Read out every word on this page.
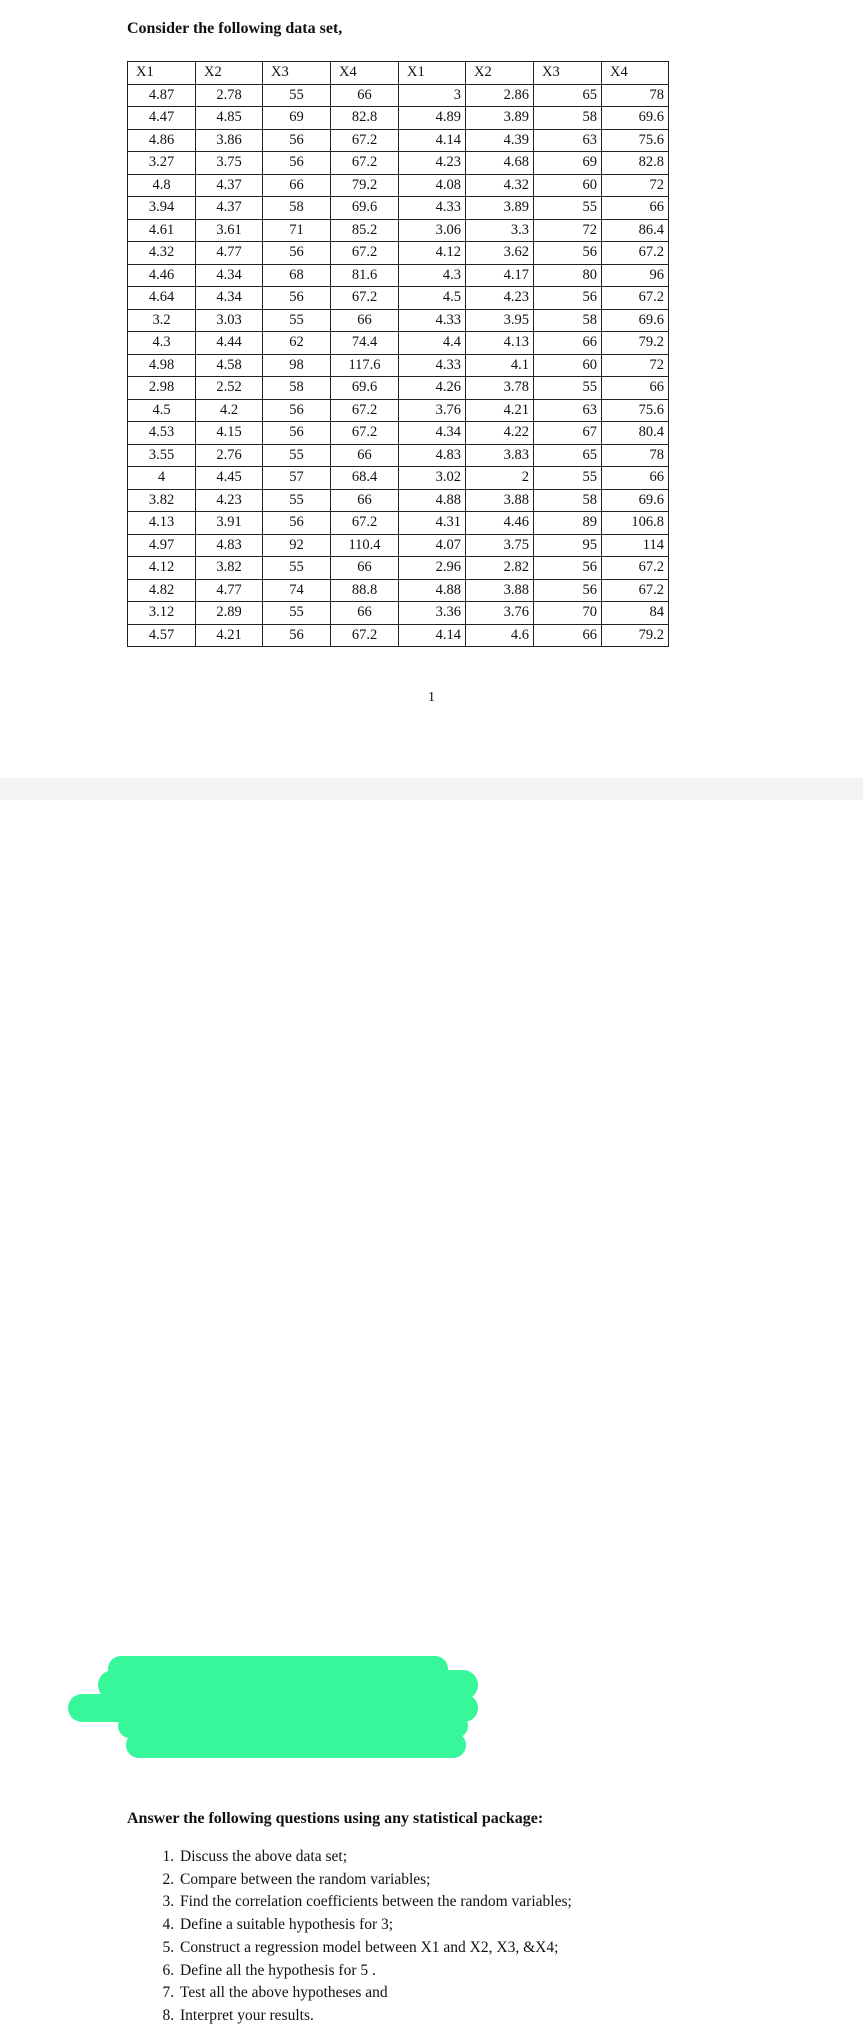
Consider the following data set,
X1	X2	X3	X4	X1	X2	X3	X4
4.87	2.78	55	66	3	2.86	65	78
4.47	4.85	69	82.8	4.89	3.89	58	69.6
4.86	3.86	56	67.2	4.14	4.39	63	75.6
3.27	3.75	56	67.2	4.23	4.68	69	82.8
4.8	4.37	66	79.2	4.08	4.32	60	72
3.94	4.37	58	69.6	4.33	3.89	55	66
4.61	3.61	71	85.2	3.06	3.3	72	86.4
4.32	4.77	56	67.2	4.12	3.62	56	67.2
4.46	4.34	68	81.6	4.3	4.17	80	96
4.64	4.34	56	67.2	4.5	4.23	56	67.2
3.2	3.03	55	66	4.33	3.95	58	69.6
4.3	4.44	62	74.4	4.4	4.13	66	79.2
4.98	4.58	98	117.6	4.33	4.1	60	72
2.98	2.52	58	69.6	4.26	3.78	55	66
4.5	4.2	56	67.2	3.76	4.21	63	75.6
4.53	4.15	56	67.2	4.34	4.22	67	80.4
3.55	2.76	55	66	4.83	3.83	65	78
4	4.45	57	68.4	3.02	2	55	66
3.82	4.23	55	66	4.88	3.88	58	69.6
4.13	3.91	56	67.2	4.31	4.46	89	106.8
4.97	4.83	92	110.4	4.07	3.75	95	114
4.12	3.82	55	66	2.96	2.82	56	67.2
4.82	4.77	74	88.8	4.88	3.88	56	67.2
3.12	2.89	55	66	3.36	3.76	70	84
4.57	4.21	56	67.2	4.14	4.6	66	79.2
1
Answer the following questions using any statistical package:
1. Discuss the above data set;
2. Compare between the random variables;
3. Find the correlation coefficients between the random variables;
4. Define a suitable hypothesis for 3;
5. Construct a regression model between X1 and X2, X3, &X4;
6. Define all the hypothesis for 5 .
7. Test all the above hypotheses and
8. Interpret your results.
